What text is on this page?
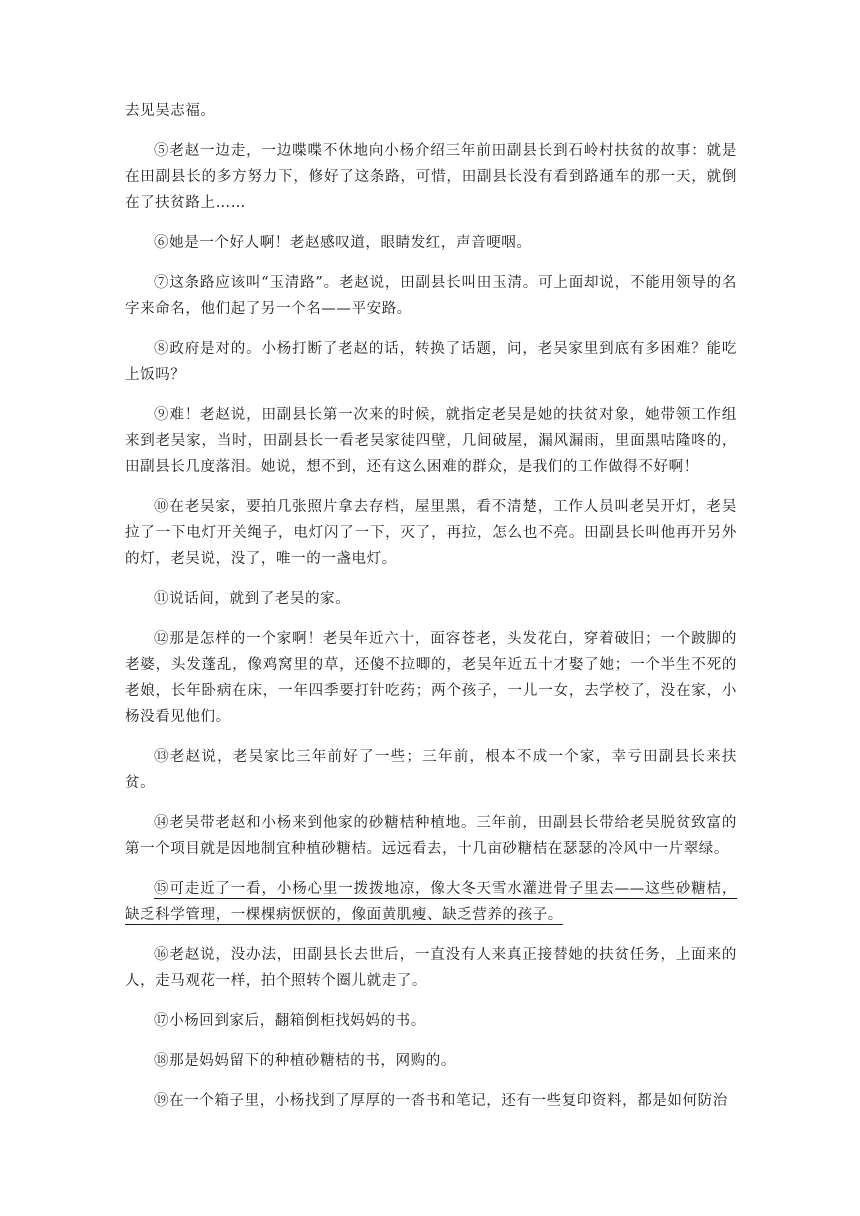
去见吴志福。

⑤老赵一边走，一边喋喋不休地向小杨介绍三年前田副县长到石岭村扶贫的故事：就是在田副县长的多方努力下，修好了这条路，可惜，田副县长没有看到路通车的那一天，就倒在了扶贫路上……

⑥她是一个好人啊！老赵感叹道，眼睛发红，声音哽咽。

⑦这条路应该叫“玉清路”。老赵说，田副县长叫田玉清。可上面却说，不能用领导的名字来命名，他们起了另一个名——平安路。

⑧政府是对的。小杨打断了老赵的话，转换了话题，问，老吴家里到底有多困难？能吃上饭吗？

⑨难！老赵说，田副县长第一次来的时候，就指定老吴是她的扶贫对象，她带领工作组来到老吴家，当时，田副县长一看老吴家徒四壁，几间破屋，漏风漏雨，里面黑咕隆咚的，田副县长几度落泪。她说，想不到，还有这么困难的群众，是我们的工作做得不好啊！

⑩在老吴家，要拍几张照片拿去存档，屋里黑，看不清楚，工作人员叫老吴开灯，老吴拉了一下电灯开关绳子，电灯闪了一下，灭了，再拉，怎么也不亮。田副县长叫他再开另外的灯，老吴说，没了，唯一的一盏电灯。

⑪说话间，就到了老吴的家。

⑫那是怎样的一个家啊！老吴年近六十，面容苍老，头发花白，穿着破旧；一个跛脚的老婆，头发蓬乱，像鸡窝里的草，还傻不拉唧的，老吴年近五十才娶了她；一个半生不死的老娘，长年卧病在床，一年四季要打针吃药；两个孩子，一儿一女，去学校了，没在家，小杨没看见他们。

⑬老赵说，老吴家比三年前好了一些；三年前，根本不成一个家，幸亏田副县长来扶贫。

⑭老吴带老赵和小杨来到他家的砂糖桔种植地。三年前，田副县长带给老吴脱贫致富的第一个项目就是因地制宜种植砂糖桔。远远看去，十几亩砂糖桔在瑟瑟的冷风中一片翠绿。

⑮可走近了一看，小杨心里一拨拨地凉，像大冬天雪水灌进骨子里去——这些砂糖桔，缺乏科学管理，一棵棵病恹恹的，像面黄肌瘦、缺乏营养的孩子。

⑯老赵说，没办法，田副县长去世后，一直没有人来真正接替她的扶贫任务，上面来的人，走马观花一样，拍个照转个圈儿就走了。

⑰小杨回到家后，翻箱倒柜找妈妈的书。

⑱那是妈妈留下的种植砂糖桔的书，网购的。

⑲在一个箱子里，小杨找到了厚厚的一沓书和笔记，还有一些复印资料，都是如何防治
